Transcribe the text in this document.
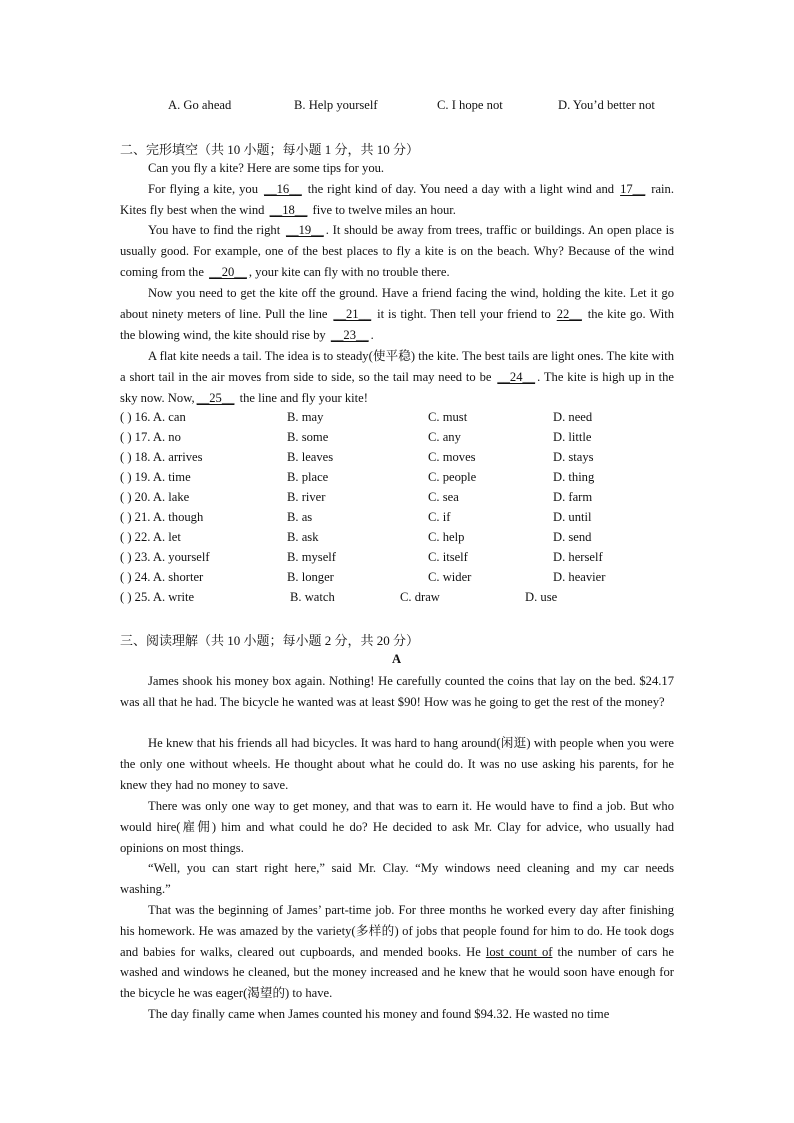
A. Go ahead	B. Help yourself	C. I hope not	D. You’d better not
二、完形填空（共 10 小题；每小题 1 分，共 10 分）
Can you fly a kite? Here are some tips for you.
For flying a kite, you __16__ the right kind of day. You need a day with a light wind and 17__ rain. Kites fly best when the wind __18__ five to twelve miles an hour.
You have to find the right __19__ . It should be away from trees, traffic or buildings. An open place is usually good. For example, one of the best places to fly a kite is on the beach. Why? Because of the wind coming from the __20__ , your kite can fly with no trouble there.
Now you need to get the kite off the ground. Have a friend facing the wind, holding the kite. Let it go about ninety meters of line. Pull the line __21__ it is tight. Then tell your friend to 22__ the kite go. With the blowing wind, the kite should rise by __23__ .
A flat kite needs a tail. The idea is to steady(使平稳) the kite. The best tails are light ones. The kite with a short tail in the air moves from side to side, so the tail may need to be __24__ . The kite is high up in the sky now. Now, __25__ the line and fly your kite!
( ) 16. A. can	B. may	C. must	D. need
( ) 17. A. no	B. some	C. any	D. little
( ) 18. A. arrives	B. leaves	C. moves	D. stays
( ) 19. A. time	B. place	C. people	D. thing
( ) 20. A. lake	B. river	C. sea	D. farm
( ) 21. A. though	B. as	C. if	D. until
( ) 22. A. let	B. ask	C. help	D. send
( ) 23. A. yourself	B. myself	C. itself	D. herself
( ) 24. A. shorter	B. longer	C. wider	D. heavier
( ) 25. A. write	B. watch	C. draw	D. use
三、阅读理解（共 10 小题；每小题 2 分，共 20 分）
A
James shook his money box again. Nothing! He carefully counted the coins that lay on the bed. $24.17 was all that he had. The bicycle he wanted was at least $90! How was he going to get the rest of the money?
He knew that his friends all had bicycles. It was hard to hang around(闲逛) with people when you were the only one without wheels. He thought about what he could do. It was no use asking his parents, for he knew they had no money to save.
There was only one way to get money, and that was to earn it. He would have to find a job. But who would hire(雇佣) him and what could he do? He decided to ask Mr. Clay for advice, who usually had opinions on most things.
“Well, you can start right here,” said Mr. Clay. “My windows need cleaning and my car needs washing.”
That was the beginning of James’ part-time job. For three months he worked every day after finishing his homework. He was amazed by the variety(多样的) of jobs that people found for him to do. He took dogs and babies for walks, cleared out cupboards, and mended books. He lost count of the number of cars he washed and windows he cleaned, but the money increased and he knew that he would soon have enough for the bicycle he was eager(渴望的) to have.
The day finally came when James counted his money and found $94.32. He wasted no time
